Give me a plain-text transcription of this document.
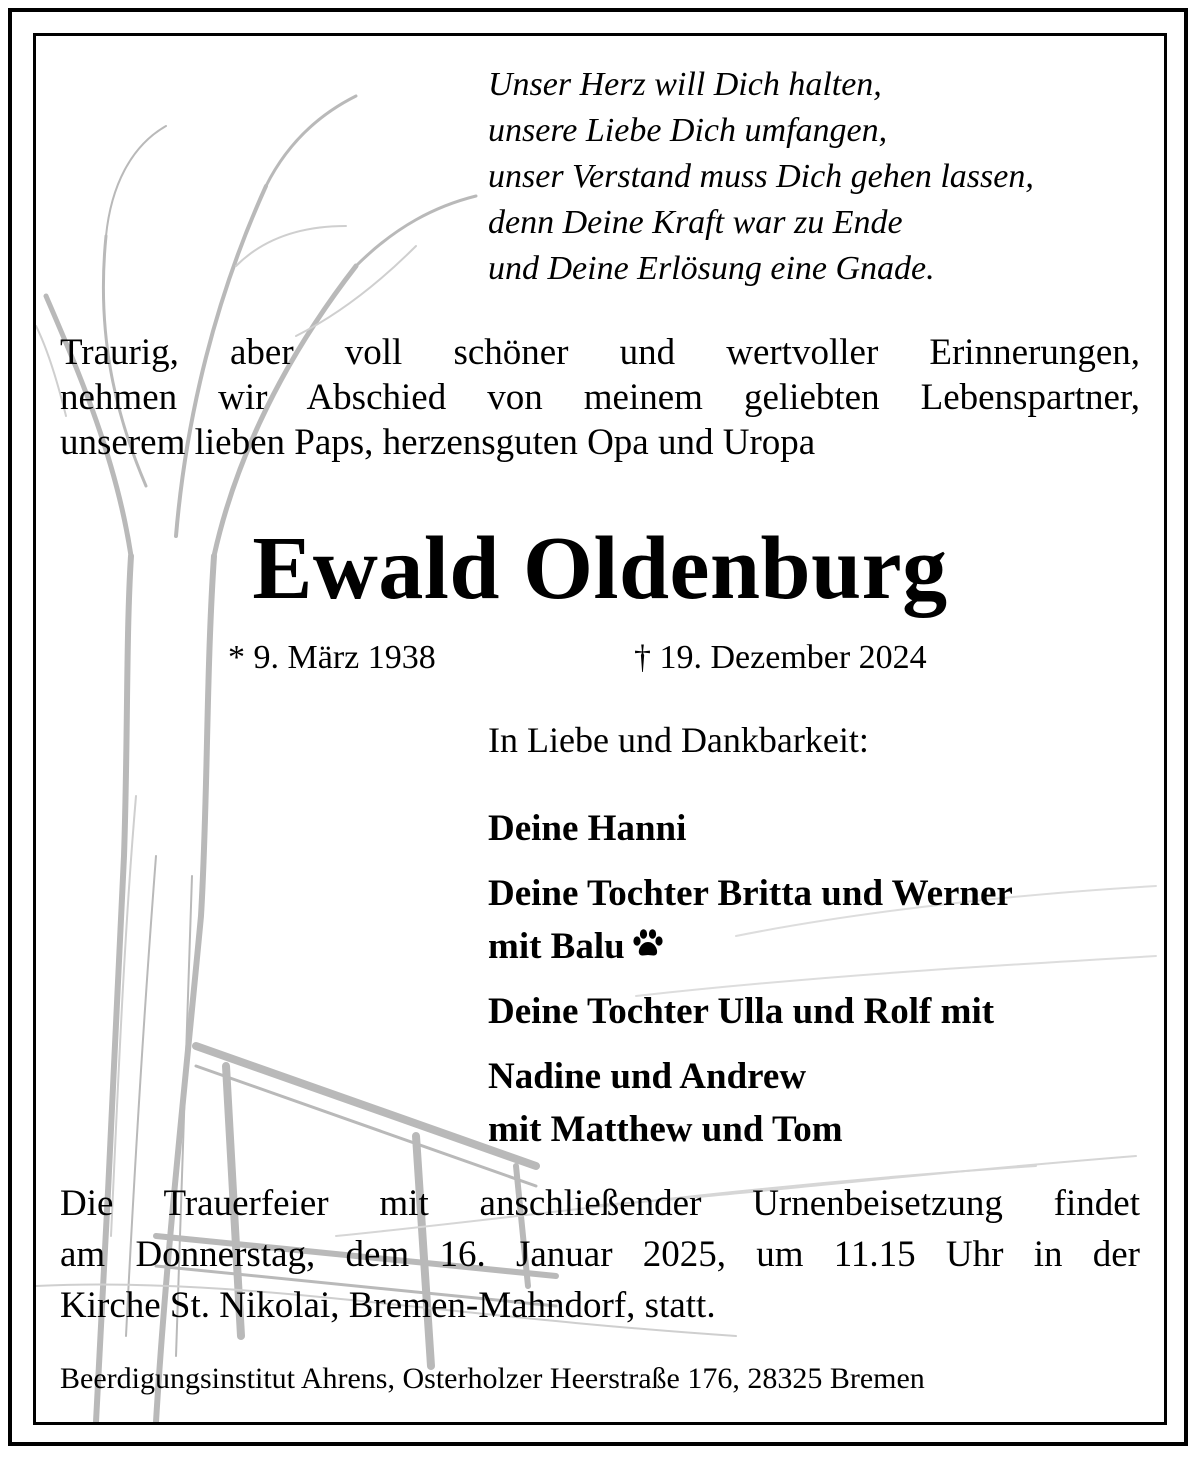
Unser Herz will Dich halten,
unsere Liebe Dich umfangen,
unser Verstand muss Dich gehen lassen,
denn Deine Kraft war zu Ende
und Deine Erlösung eine Gnade.
Traurig, aber voll schöner und wertvoller Erinnerungen,
nehmen wir Abschied von meinem geliebten Lebenspartner,
unserem lieben Paps, herzensguten Opa und Uropa
Ewald Oldenburg
* 9. März 1938	† 19. Dezember 2024
In Liebe und Dankbarkeit:
Deine Hanni
Deine Tochter Britta und Werner
mit Balu
Deine Tochter Ulla und Rolf mit
Nadine und Andrew
mit Matthew und Tom
Die Trauerfeier mit anschließender Urnenbeisetzung findet
am Donnerstag, dem 16. Januar 2025, um 11.15 Uhr in der
Kirche St. Nikolai, Bremen-Mahndorf, statt.
Beerdigungsinstitut Ahrens, Osterholzer Heerstraße 176, 28325 Bremen
